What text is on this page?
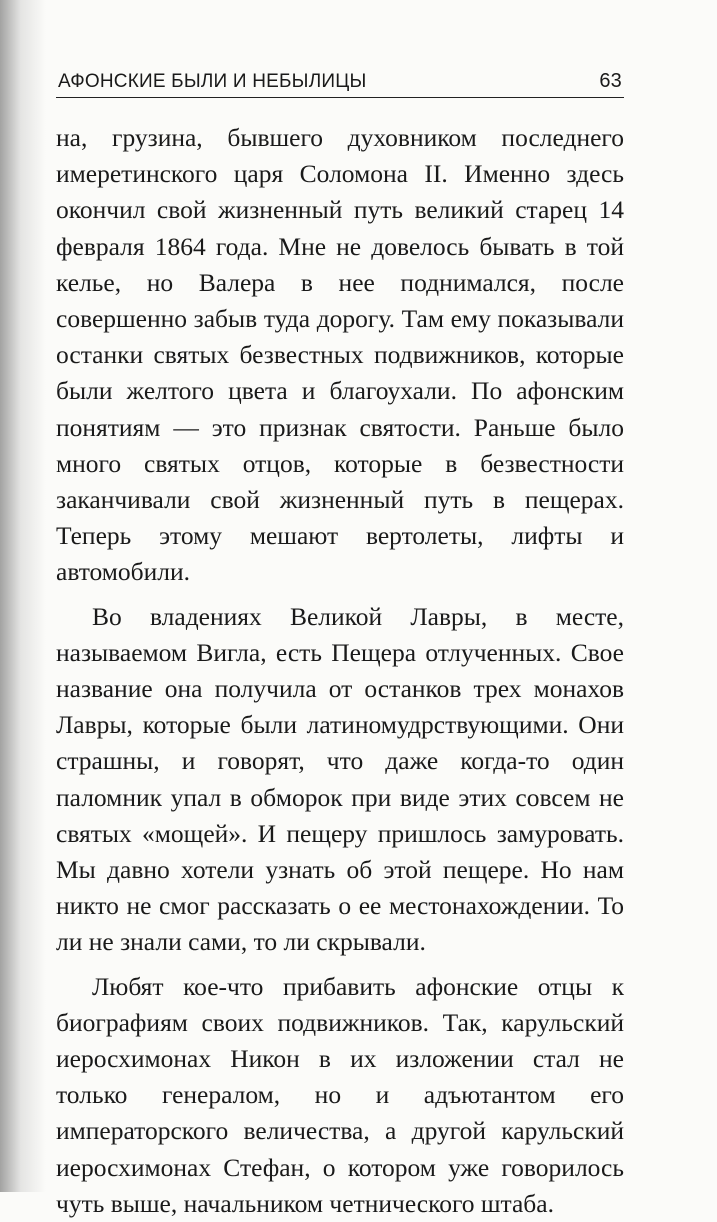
АФОНСКИЕ БЫЛИ И НЕБЫЛИЦЫ	63

на, грузина, бывшего духовником последнего имеретинского царя Соломона II. Именно здесь окончил свой жизненный путь великий старец 14 февраля 1864 года. Мне не довелось бывать в той келье, но Валера в нее поднимался, после совершенно забыв туда дорогу. Там ему показывали останки святых безвестных подвижников, которые были желтого цвета и благоухали. По афонским понятиям — это признак святости. Раньше было много святых отцов, которые в безвестности заканчивали свой жизненный путь в пещерах. Теперь этому мешают вертолеты, лифты и автомобили.

Во владениях Великой Лавры, в месте, называемом Вигла, есть Пещера отлученных. Свое название она получила от останков трех монахов Лавры, которые были латиномудрствующими. Они страшны, и говорят, что даже когда-то один паломник упал в обморок при виде этих совсем не святых «мощей». И пещеру пришлось замуровать. Мы давно хотели узнать об этой пещере. Но нам никто не смог рассказать о ее местонахождении. То ли не знали сами, то ли скрывали.

Любят кое-что прибавить афонские отцы к биографиям своих подвижников. Так, карульский иеросхимонах Никон в их изложении стал не только генералом, но и адъютантом его императорского величества, а другой карульский иеросхимонах Стефан, о котором уже говорилось чуть выше, начальником четнического штаба.
